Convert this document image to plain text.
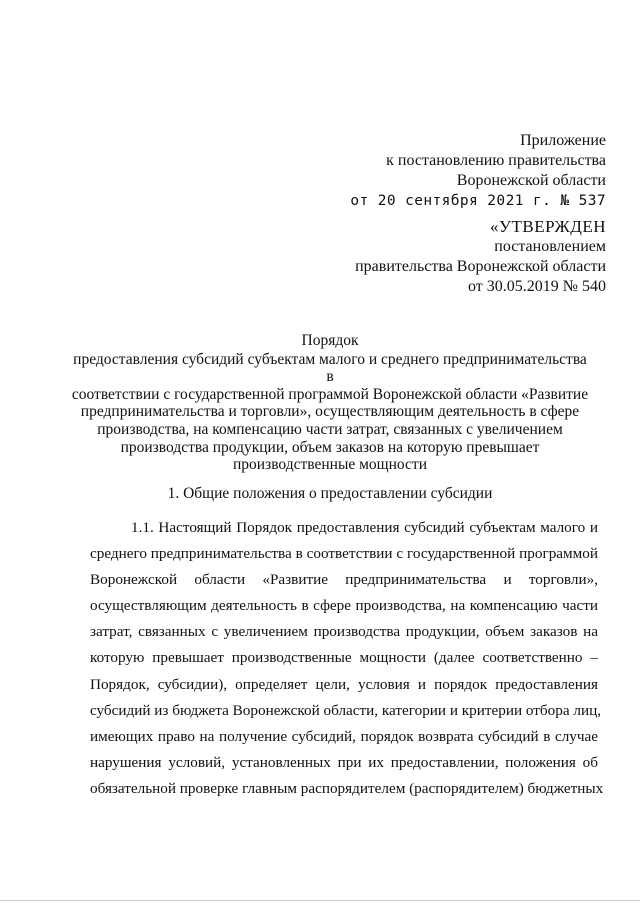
Приложение
к постановлению правительства
Воронежской области
от 20 сентября 2021 г. № 537
«УТВЕРЖДЕН
постановлением
правительства Воронежской области
от 30.05.2019 № 540
Порядок
предоставления субсидий субъектам малого и среднего предпринимательства в
соответствии с государственной программой Воронежской области «Развитие
предпринимательства и торговли», осуществляющим деятельность в сфере
производства, на компенсацию части затрат, связанных с увеличением
производства продукции, объем заказов на которую превышает
производственные мощности
1. Общие положения о предоставлении субсидии
1.1. Настоящий Порядок предоставления субсидий субъектам малого и
среднего предпринимательства в соответствии с государственной программой
Воронежской области «Развитие предпринимательства и торговли»,
осуществляющим деятельность в сфере производства, на компенсацию части
затрат, связанных с увеличением производства продукции, объем заказов на
которую превышает производственные мощности (далее соответственно –
Порядок, субсидии), определяет цели, условия и порядок предоставления
субсидий из бюджета Воронежской области, категории и критерии отбора лиц,
имеющих право на получение субсидий, порядок возврата субсидий в случае
нарушения условий, установленных при их предоставлении, положения об
обязательной проверке главным распорядителем (распорядителем) бюджетных
